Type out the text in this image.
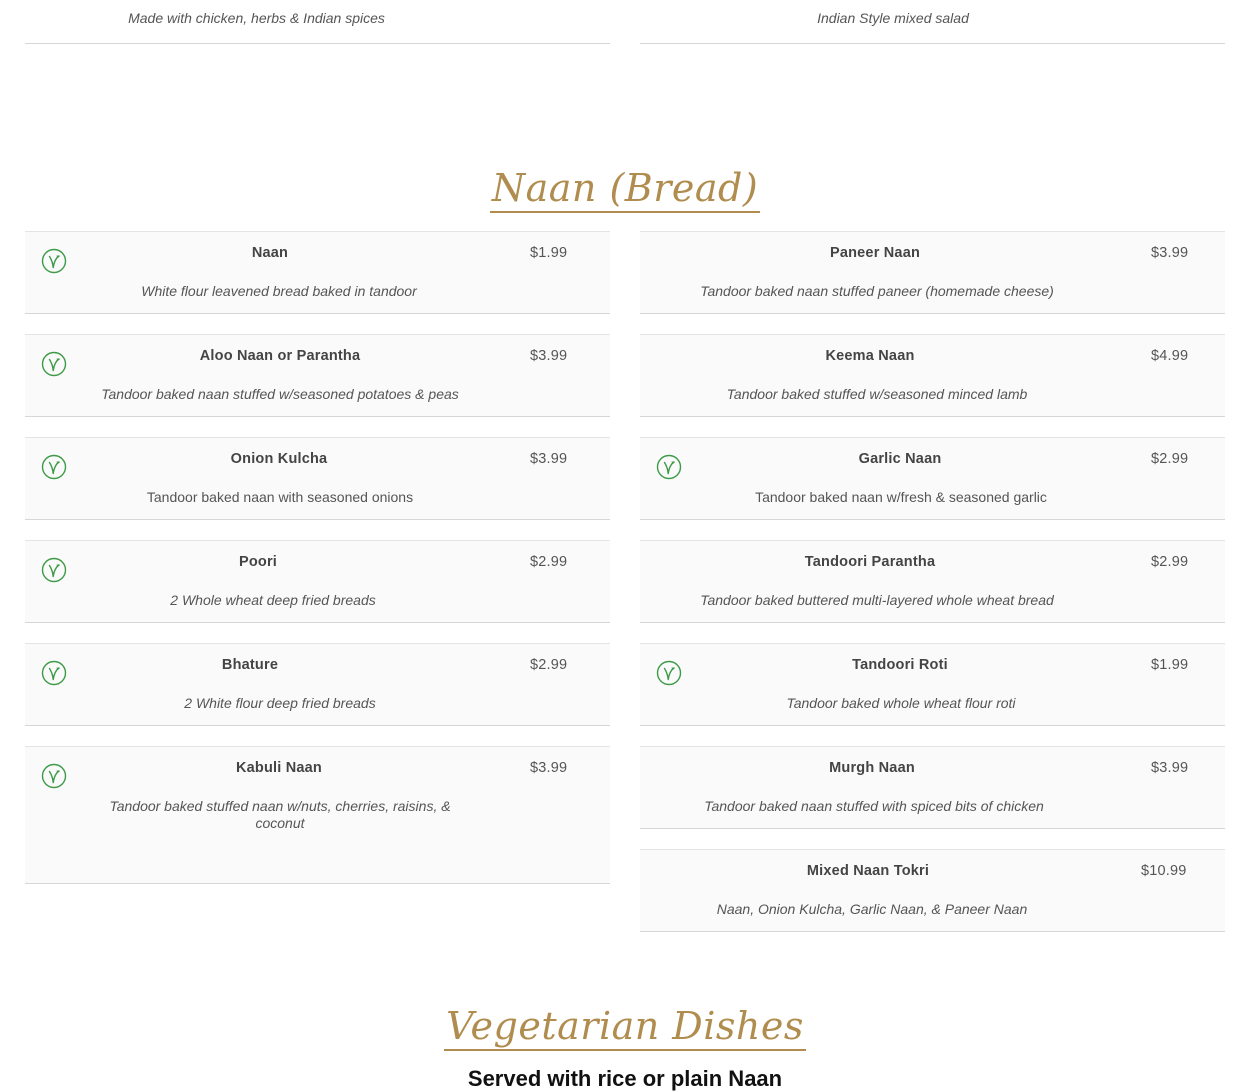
Made with chicken, herbs & Indian spices	Indian Style mixed salad
Naan (Bread)
Naan	$1.99
White flour leavened bread baked in tandoor
Aloo Naan or Parantha	$3.99
Tandoor baked naan stuffed w/seasoned potatoes & peas
Onion Kulcha	$3.99
Tandoor baked naan with seasoned onions
Poori	$2.99
2 Whole wheat deep fried breads
Bhature	$2.99
2 White flour deep fried breads
Kabuli Naan	$3.99
Tandoor baked stuffed naan w/nuts, cherries, raisins, & coconut
Paneer Naan	$3.99
Tandoor baked naan stuffed paneer (homemade cheese)
Keema Naan	$4.99
Tandoor baked stuffed w/seasoned minced lamb
Garlic Naan	$2.99
Tandoor baked naan w/fresh & seasoned garlic
Tandoori Parantha	$2.99
Tandoor baked buttered multi-layered whole wheat bread
Tandoori Roti	$1.99
Tandoor baked whole wheat flour roti
Murgh Naan	$3.99
Tandoor baked naan stuffed with spiced bits of chicken
Mixed Naan Tokri	$10.99
Naan, Onion Kulcha, Garlic Naan, & Paneer Naan
Vegetarian Dishes
Served with rice or plain Naan
